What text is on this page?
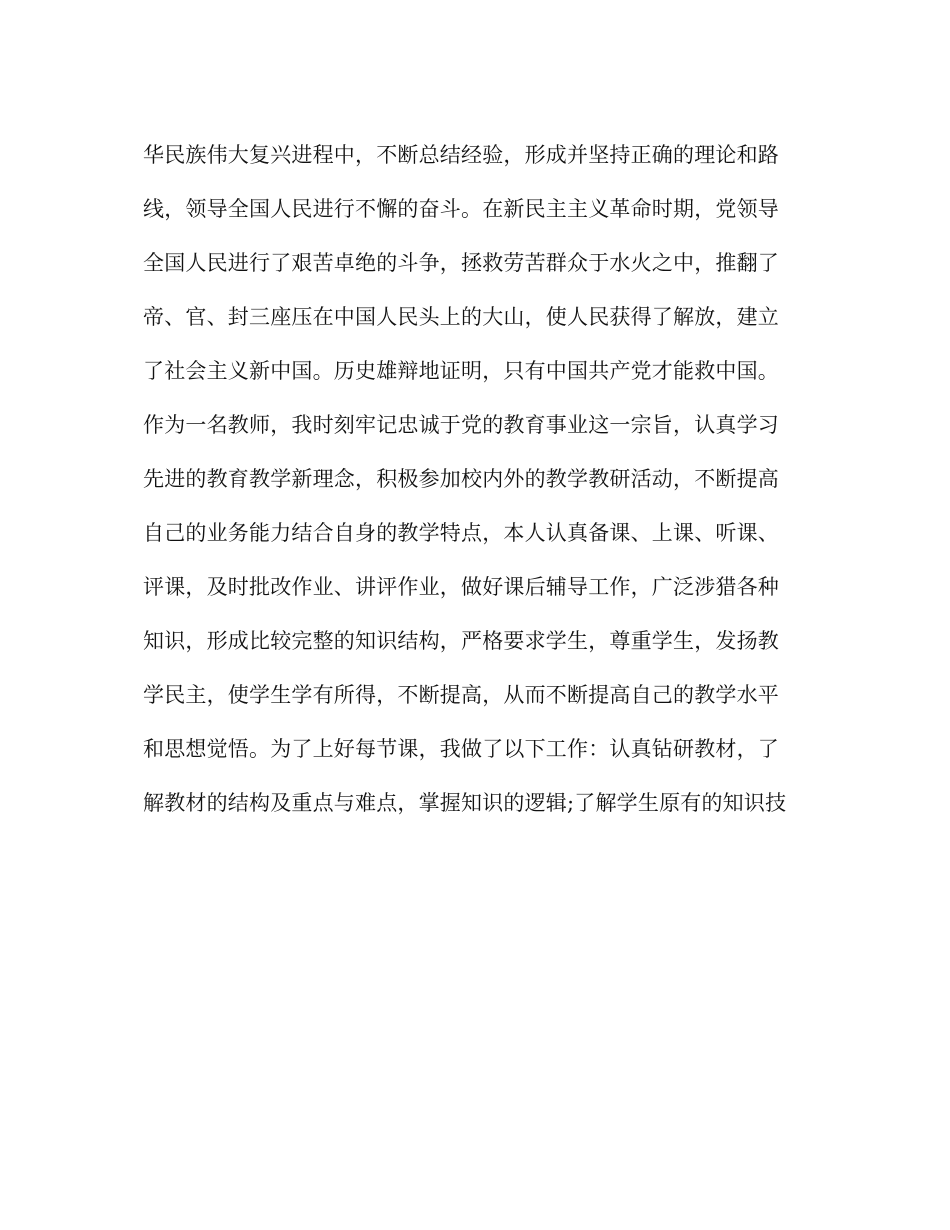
华民族伟大复兴进程中，不断总结经验，形成并坚持正确的理论和路
线，领导全国人民进行不懈的奋斗。在新民主主义革命时期，党领导
全国人民进行了艰苦卓绝的斗争，拯救劳苦群众于水火之中，推翻了
帝、官、封三座压在中国人民头上的大山，使人民获得了解放，建立
了社会主义新中国。历史雄辩地证明，只有中国共产党才能救中国。
作为一名教师，我时刻牢记忠诚于党的教育事业这一宗旨，认真学习
先进的教育教学新理念，积极参加校内外的教学教研活动，不断提高
自己的业务能力结合自身的教学特点，本人认真备课、上课、听课、
评课，及时批改作业、讲评作业，做好课后辅导工作，广泛涉猎各种
知识，形成比较完整的知识结构，严格要求学生，尊重学生，发扬教
学民主，使学生学有所得，不断提高，从而不断提高自己的教学水平
和思想觉悟。为了上好每节课，我做了以下工作：认真钻研教材，了
解教材的结构及重点与难点，掌握知识的逻辑;了解学生原有的知识技
